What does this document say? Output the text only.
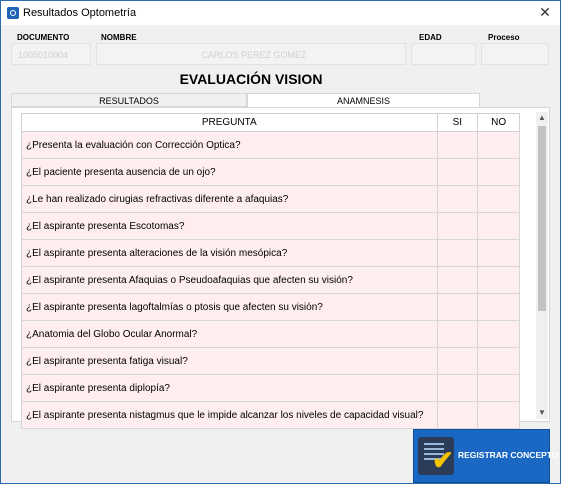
Resultados Optometría	✕
DOCUMENTO
1005010004
NOMBRE
CARLOS PEREZ GOMEZ
EDAD	Proceso
EVALUACIÓN VISION
RESULTADOS	ANAMNESIS
PREGUNTA	SI	NO
¿Presenta la evaluación con Corrección Optica?		
¿El paciente presenta ausencia de un ojo?		
¿Le han realizado cirugias refractivas diferente a afaquias?		
¿El aspirante presenta Escotomas?		
¿El aspirante presenta alteraciones de la visión mesópica?		
¿El aspirante presenta Afaquias o Pseudoafaquias que afecten su visión?		
¿El aspirante presenta lagoftalmías o ptosis que afecten su visión?		
¿Anatomia del Globo Ocular Anormal?		
¿El aspirante presenta fatiga visual?		
¿El aspirante presenta diplopía?		
¿El aspirante presenta nistagmus que le impide alcanzar los niveles de capacidad visual?		
▲
▼
✔ REGISTRAR CONCEPTO
